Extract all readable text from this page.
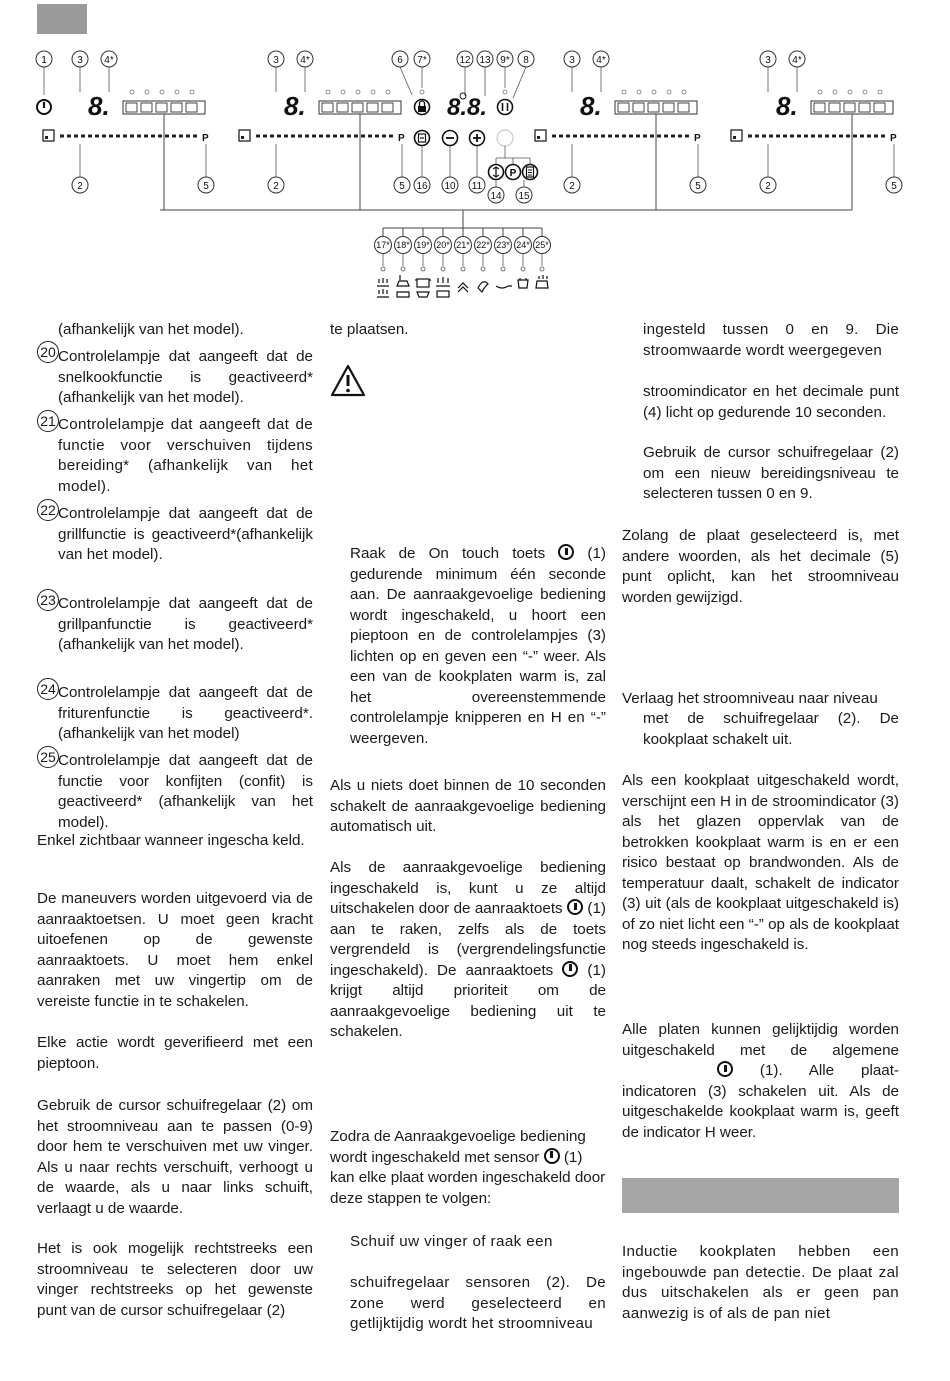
3 4*	3 4*	3 4*	3 4*
2	5	2	5	2	5	2	5
8.	8.	8.	8.
P	P	P	P
1	6 7*	12 13 9* 8
8.8.
P
16 10 11
14 15
17* 18* 19* 20* 21* 22* 23* 24* 25*
(afhankelijk van het model).
20 Controlelampje dat aangeeft dat de snelkookfunctie is geactiveerd* (afhankelijk van het model).
21 Controlelampje dat aangeeft dat de functie voor verschuiven tijdens bereiding* (afhankelijk van het model).
22 Controlelampje dat aangeeft dat de grillfunctie is geactiveerd*(afhankelijk van het model).
23 Controlelampje dat aangeeft dat de grillpanfunctie is geactiveerd*(afhankelijk van het model).
24 Controlelampje dat aangeeft dat de friturenfunctie is geactiveerd*. (afhankelijk van het model)
25 Controlelampje dat aangeeft dat de functie voor konfijten (confit) is geactiveerd* (afhankelijk van het model).
Enkel zichtbaar wanneer ingescha keld.
De maneuvers worden uitgevoerd via de aanraaktoetsen. U moet geen kracht uitoefenen op de gewenste aanraaktoets. U moet hem enkel aanraken met uw vingertip om de vereiste functie in te schakelen.
Elke actie wordt geverifieerd met een pieptoon.
Gebruik de cursor schuifregelaar (2) om het stroomniveau aan te passen (0-9) door hem te verschuiven met uw vinger. Als u naar rechts verschuift, verhoogt u de waarde, als u naar links schuift, verlaagt u de waarde.
Het is ook mogelijk rechtstreeks een stroomniveau te selecteren door uw vinger rechtstreeks op het gewenste punt van de cursor schuifregelaar (2)
te plaatsen.
Raak de On touch toets	(1) gedurende minimum één seconde aan. De aanraakgevoelige bediening wordt ingeschakeld, u hoort een pieptoon en de controlelampjes (3) lichten op en geven een “-” weer. Als een van de kookplaten warm is, zal het overeenstemmende controlelampje knipperen en H en “-” weergeven.
Als u niets doet binnen de 10 seconden schakelt de aanraakgevoelige bediening automatisch uit.
Als de aanraakgevoelige bediening ingeschakeld is, kunt u ze altijd uitschakelen door de aanraaktoets (1) aan te raken, zelfs als de toets vergrendeld is (vergrendelingsfunctie ingeschakeld). De aanraaktoets (1) krijgt altijd prioriteit om de aanraakgevoelige bediening uit te schakelen.
Zodra de Aanraakgevoelige bediening wordt ingeschakeld met sensor (1) kan elke plaat worden ingeschakeld door deze stappen te volgen:
Schuif uw vinger of raak een
schuifregelaar sensoren (2). De zone werd geselecteerd en getlijktijdig wordt het stroomniveau
ingesteld tussen 0 en 9. Die stroomwaarde wordt weergegeven
stroomindicator en het decimale punt (4) licht op gedurende 10 seconden.
Gebruik de cursor schuifregelaar (2) om een nieuw bereidingsniveau te selecteren tussen 0 en 9.
Zolang de plaat geselecteerd is, met andere woorden, als het decimale (5) punt oplicht, kan het stroomniveau worden gewijzigd.
Verlaag het stroomniveau naar niveau
met de schuifregelaar (2). De kookplaat schakelt uit.
Als een kookplaat uitgeschakeld wordt, verschijnt een H in de stroomindicator (3) als het glazen oppervlak van de betrokken kookplaat warm is en er een risico bestaat op brandwonden. Als de temperatuur daalt, schakelt de indicator (3) uit (als de kookplaat uitgeschakeld is) of zo niet licht een “-” op als de kookplaat nog steeds ingeschakeld is.
Alle platen kunnen gelijktijdig worden uitgeschakeld met de algemene  (1). Alle plaat-indicatoren (3) schakelen uit. Als de uitgeschakelde kookplaat warm is, geeft de indicator H weer.
Inductie kookplaten hebben een ingebouwde pan detectie. De plaat zal dus uitschakelen als er geen pan aanwezig is of als de pan niet
